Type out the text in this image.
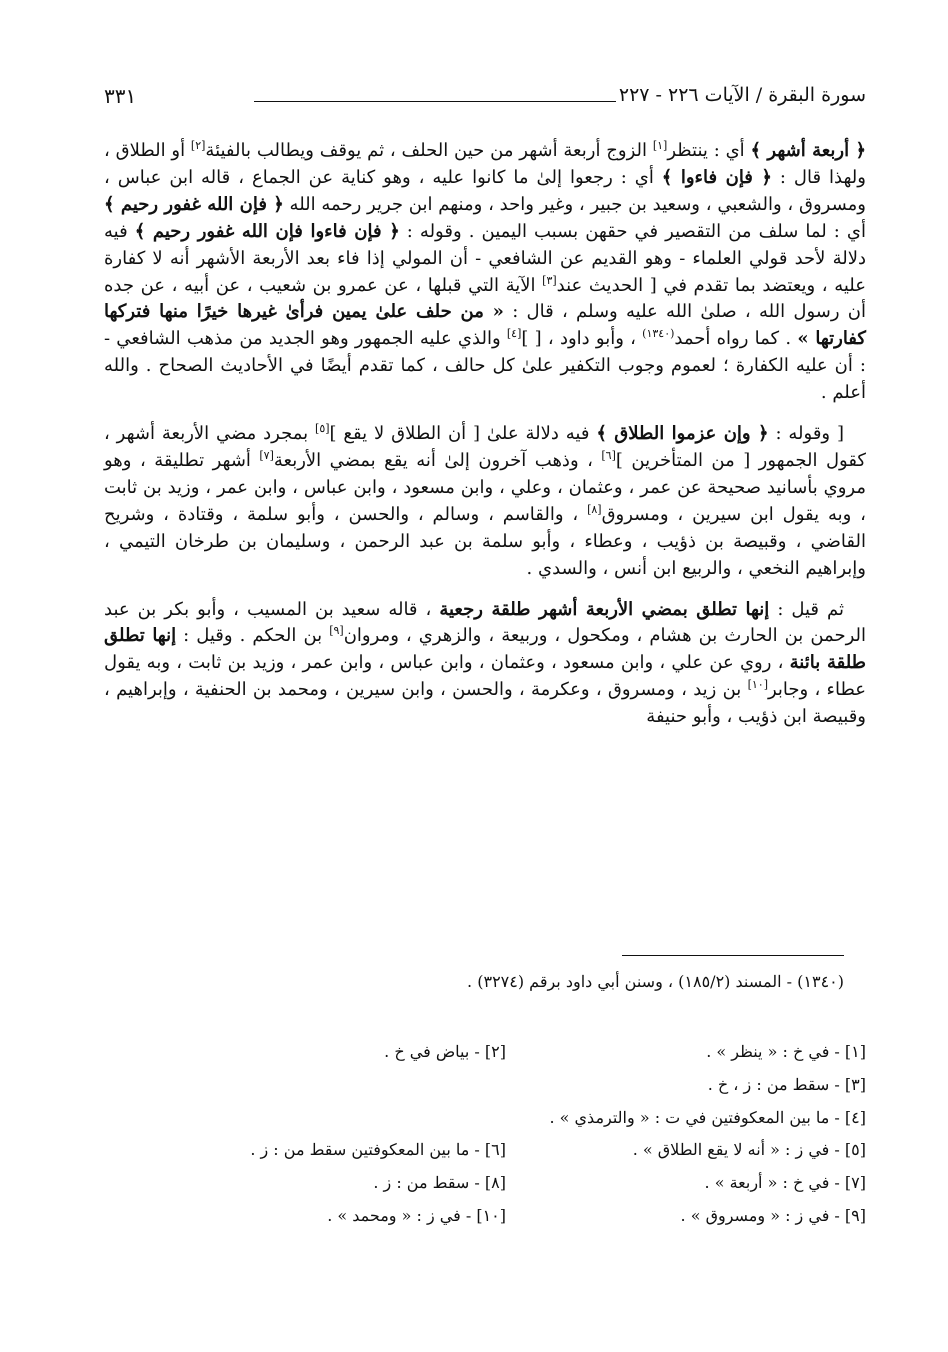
سورة البقرة / الآيات ٢٢٦ - ٢٢٧
٣٣١

﴿ أربعة أشهر ﴾ أي : ينتظر[١] الزوج أربعة أشهر من حين الحلف ، ثم يوقف ويطالب بالفيئة[٢] أو الطلاق ، ولهذا قال : ﴿ فإن فاءوا ﴾ أي : رجعوا إلىٰ ما كانوا عليه ، وهو كناية عن الجماع ، قاله ابن عباس ، ومسروق ، والشعبي ، وسعيد بن جبير ، وغير واحد ، ومنهم ابن جرير رحمه الله ﴿ فإن الله غفور رحيم ﴾ أي : لما سلف من التقصير في حقهن بسبب اليمين . وقوله : ﴿ فإن فاءوا فإن الله غفور رحيم ﴾ فيه دلالة لأحد قولي العلماء - وهو القديم عن الشافعي - أن المولي إذا فاء بعد الأربعة الأشهر أنه لا كفارة عليه ، ويعتضد بما تقدم في [ الحديث عند[٣] الآية التي قبلها ، عن عمرو بن شعيب ، عن أبيه ، عن جده أن رسول الله ، صلىٰ الله عليه وسلم ، قال : « من حلف علىٰ يمين فرأىٰ غيرها خيرًا منها فتركها كفارتها » . كما رواه أحمد$^{(١٣٤٠)}$ ، وأبو داود ، [ ][٤] والذي عليه الجمهور وهو الجديد من مذهب الشافعي - : أن عليه الكفارة ؛ لعموم وجوب التكفير علىٰ كل حالف ، كما تقدم أيضًا في الأحاديث الصحاح . والله أعلم .

[ وقوله : ﴿ وإن عزموا الطلاق ﴾ فيه دلالة علىٰ [ أن الطلاق لا يقع ][٥] بمجرد مضي الأربعة أشهر ، كقول الجمهور [ من المتأخرين ][٦] ، وذهب آخرون إلىٰ أنه يقع بمضي الأربعة[٧] أشهر تطليقة ، وهو مروي بأسانيد صحيحة عن عمر ، وعثمان ، وعلي ، وابن مسعود ، وابن عباس ، وابن عمر ، وزيد بن ثابت ، وبه يقول ابن سيرين ، ومسروق[٨] ، والقاسم ، وسالم ، والحسن ، وأبو سلمة ، وقتادة ، وشريح القاضي ، وقبيصة بن ذؤيب ، وعطاء ، وأبو سلمة بن عبد الرحمن ، وسليمان بن طرخان التيمي ، وإبراهيم النخعي ، والربيع ابن أنس ، والسدي .

ثم قيل : إنها تطلق بمضي الأربعة أشهر طلقة رجعية ، قاله سعيد بن المسيب ، وأبو بكر بن عبد الرحمن بن الحارث بن هشام ، ومكحول ، وربيعة ، والزهري ، ومروان[٩] بن الحكم . وقيل : إنها تطلق طلقة بائنة ، روي عن علي ، وابن مسعود ، وعثمان ، وابن عباس ، وابن عمر ، وزيد بن ثابت ، وبه يقول عطاء ، وجابر[١٠] بن زيد ، ومسروق ، وعكرمة ، والحسن ، وابن سيرين ، ومحمد بن الحنفية ، وإبراهيم ، وقبيصة ابن ذؤيب ، وأبو حنيفة

(١٣٤٠) - المسند (١٨٥/٢) ، وسنن أبي داود برقم (٣٢٧٤) .
[١] - في خ : « ينظر » .
[٢] - بياض في خ .
[٣] - سقط من : ز ، خ .
[٤] - ما بين المعكوفتين في ت : « والترمذي » .
[٥] - في ز : « أنه لا يقع الطلاق » .
[٦] - ما بين المعكوفتين سقط من : ز .
[٧] - في خ : « أربعة » .
[٨] - سقط من : ز .
[٩] - في ز : « ومسروق » .
[١٠] - في ز : « ومحمد » .
